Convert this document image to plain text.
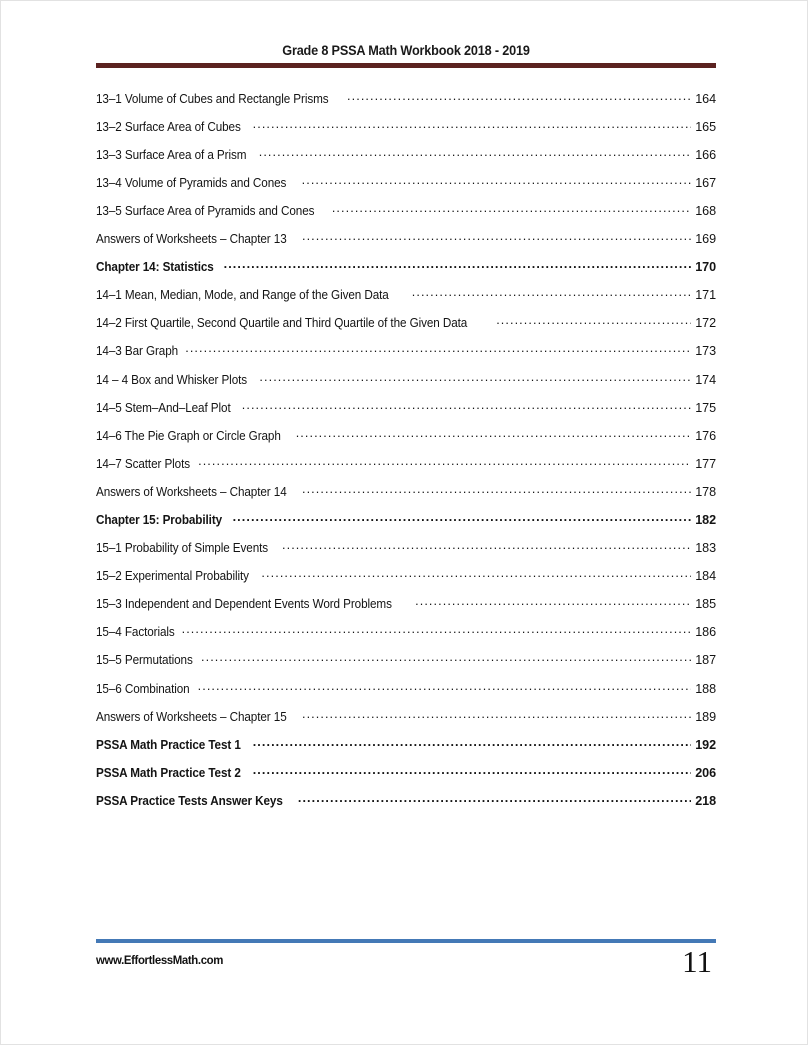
Grade 8 PSSA Math Workbook 2018 - 2019
13–1 Volume of Cubes and Rectangle Prisms .....	164
13–2 Surface Area of Cubes .....	165
13–3 Surface Area of a Prism .....	166
13–4 Volume of Pyramids and Cones .....	167
13–5 Surface Area of Pyramids and Cones .....	168
Answers of Worksheets – Chapter 13 .....	169
Chapter 14: Statistics .....	170
14–1 Mean, Median, Mode, and Range of the Given Data .....	171
14–2 First Quartile, Second Quartile and Third Quartile of the Given Data .....	172
14–3 Bar Graph .....	173
14 – 4 Box and Whisker Plots .....	174
14–5 Stem–And–Leaf Plot .....	175
14–6 The Pie Graph or Circle Graph .....	176
14–7 Scatter Plots .....	177
Answers of Worksheets – Chapter 14 .....	178
Chapter 15: Probability .....	182
15–1 Probability of Simple Events .....	183
15–2 Experimental Probability .....	184
15–3 Independent and Dependent Events Word Problems .....	185
15–4 Factorials .....	186
15–5 Permutations .....	187
15–6 Combination .....	188
Answers of Worksheets – Chapter 15 .....	189
PSSA Math Practice Test 1 .....	192
PSSA Math Practice Test 2 .....	206
PSSA Practice Tests Answer Keys .....	218
www.EffortlessMath.com	11
